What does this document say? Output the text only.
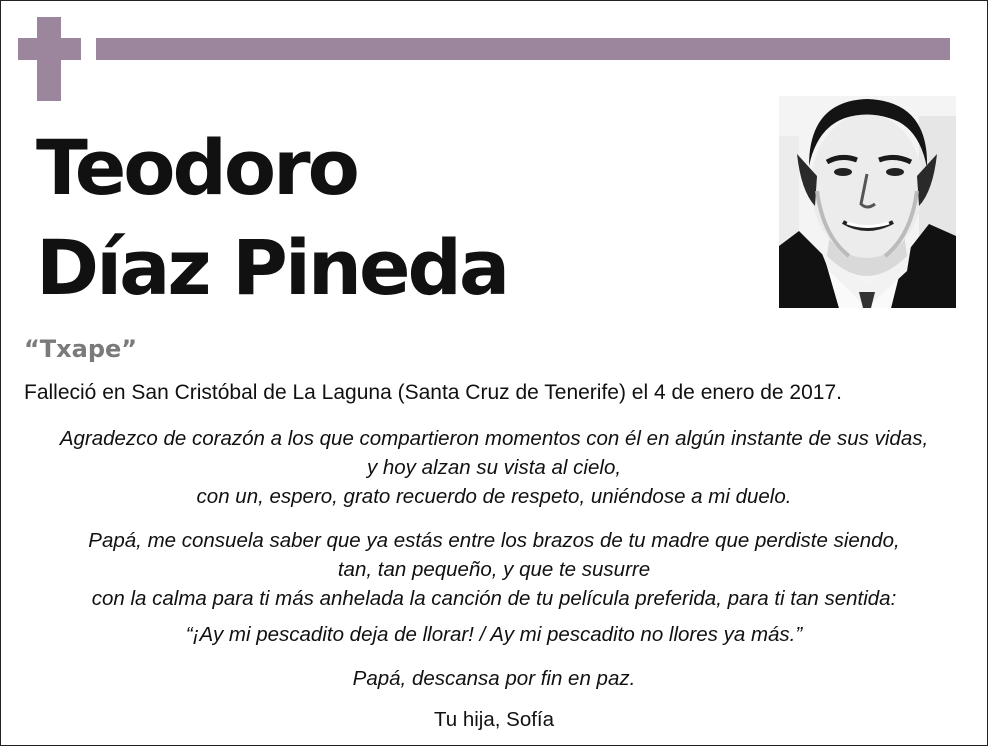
Teodoro
Díaz Pineda
“Txape”
Falleció en San Cristóbal de La Laguna (Santa Cruz de Tenerife) el 4 de enero de 2017.
Agradezco de corazón a los que compartieron momentos con él en algún instante de sus vidas,
y hoy alzan su vista al cielo,
con un, espero, grato recuerdo de respeto, uniéndose a mi duelo.
Papá, me consuela saber que ya estás entre los brazos de tu madre que perdiste siendo,
tan, tan pequeño, y que te susurre
con la calma para ti más anhelada la canción de tu película preferida, para ti tan sentida:
“¡Ay mi pescadito deja de llorar! / Ay mi pescadito no llores ya más.”
Papá, descansa por fin en paz.
Tu hija, Sofía
